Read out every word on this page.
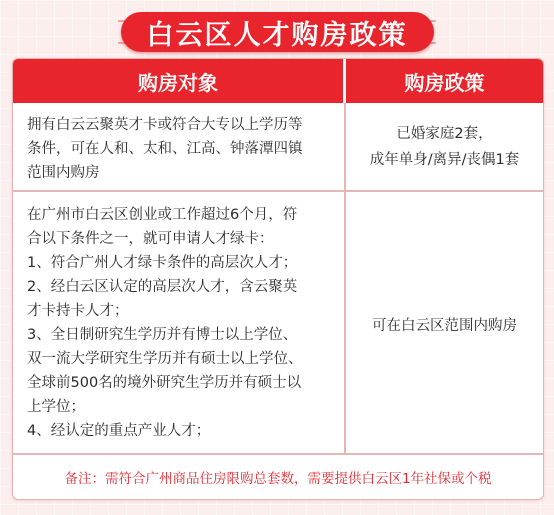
白云区人才购房政策
购房对象	购房政策
拥有白云云聚英才卡或符合大专以上学历等
条件，可在人和、太和、江高、钟落潭四镇
范围内购房
已婚家庭2套，
成年单身/离异/丧偶1套
在广州市白云区创业或工作超过6个月，符
合以下条件之一，就可申请人才绿卡：
1、符合广州人才绿卡条件的高层次人才；
2、经白云区认定的高层次人才，含云聚英
才卡持卡人才；
3、全日制研究生学历并有博士以上学位、
双一流大学研究生学历并有硕士以上学位、
全球前500名的境外研究生学历并有硕士以
上学位；
4、经认定的重点产业人才；
可在白云区范围内购房
备注：需符合广州商品住房限购总套数，需要提供白云区1年社保或个税
